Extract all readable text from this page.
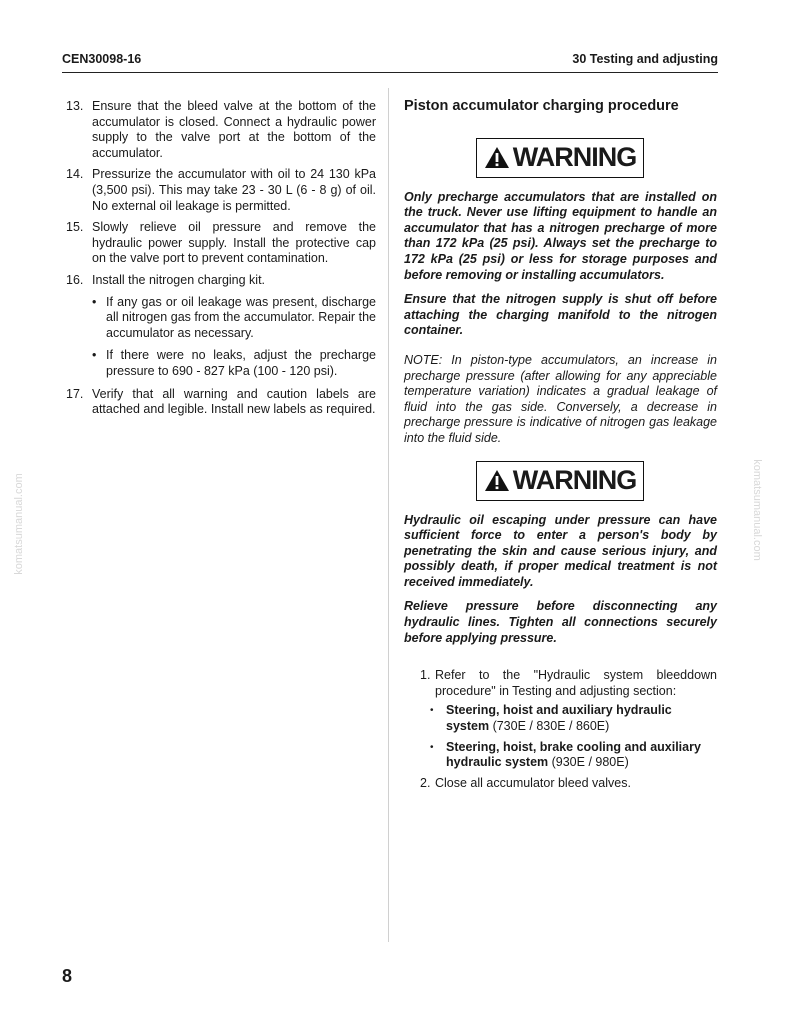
CEN30098-16	30 Testing and adjusting
komatsumanual.com	komatsumanual.com
13. Ensure that the bleed valve at the bottom of the accumulator is closed. Connect a hydraulic power supply to the valve port at the bottom of the accumulator.
14. Pressurize the accumulator with oil to 24 130 kPa (3,500 psi). This may take 23 - 30 L (6 - 8 g) of oil. No external oil leakage is permitted.
15. Slowly relieve oil pressure and remove the hydraulic power supply. Install the protective cap on the valve port to prevent contamination.
16. Install the nitrogen charging kit.
• If any gas or oil leakage was present, discharge all nitrogen gas from the accumulator. Repair the accumulator as necessary.
• If there were no leaks, adjust the precharge pressure to 690 - 827 kPa (100 - 120 psi).
17. Verify that all warning and caution labels are attached and legible. Install new labels as required.
Piston accumulator charging procedure
WARNING

Only precharge accumulators that are installed on the truck. Never use lifting equipment to handle an accumulator that has a nitrogen precharge of more than 172 kPa (25 psi). Always set the precharge to 172 kPa (25 psi) or less for storage purposes and before removing or installing accumulators.

Ensure that the nitrogen supply is shut off before attaching the charging manifold to the nitrogen container.

NOTE: In piston-type accumulators, an increase in precharge pressure (after allowing for any appreciable temperature variation) indicates a gradual leakage of fluid into the gas side. Conversely, a decrease in precharge pressure is indicative of nitrogen gas leakage into the fluid side.

WARNING

Hydraulic oil escaping under pressure can have sufficient force to enter a person's body by penetrating the skin and cause serious injury, and possibly death, if proper medical treatment is not received immediately.

Relieve pressure before disconnecting any hydraulic lines. Tighten all connections securely before applying pressure.

1. Refer to the "Hydraulic system bleeddown procedure" in Testing and adjusting section:
• Steering, hoist and auxiliary hydraulic system (730E / 830E / 860E)
• Steering, hoist, brake cooling and auxiliary hydraulic system (930E / 980E)
2. Close all accumulator bleed valves.
8
